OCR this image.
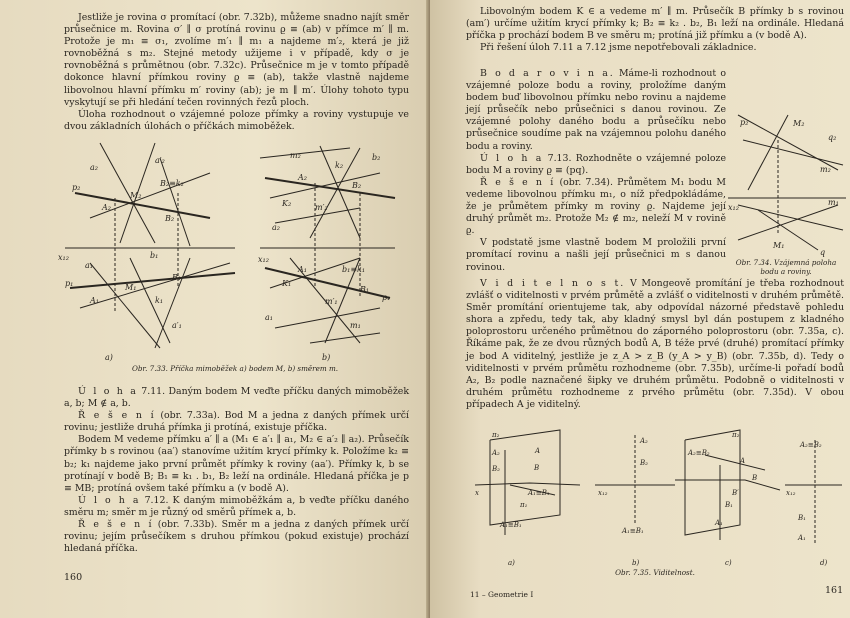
Jestliže je rovina σ promítací (obr. 7.32b), můžeme snadno najít směr průsečnice m. Rovina σ′ ∥ σ protíná rovinu ϱ ≡ (ab) v přímce m′ ∥ m. Protože je m₁ ≡ σ₁, zvolíme m′₁ ∥ m₁ a najdeme m′₂, která je již rovnoběžná s m₂. Stejné metody užijeme i v případě, kdy σ je rovnoběžná s průmětnou (obr. 7.32c). Průsečnice m je v tomto případě dokonce hlavní přímkou roviny ϱ ≡ (ab), takže vlastně najdeme libovolnou hlavní přímku m′ roviny (ab); je m ∥ m′. Úlohy tohoto typu vyskytují se při hledání tečen rovinných řezů ploch.

Úloha rozhodnout o vzájemné poloze přímky a roviny vystupuje ve dvou základních úlohách o příčkách mimoběžek.

a₂
a′₂
p₂
A₂
M₂
B₂≡k₂
B₂
x₁₂	b₁
a₁
p₁
A₁
M₁
k₁
B₁
a′₁
m₂
k₂
b₂
A₂
B₂
K₂	m′₂
a₂
x₁₂
A₁	b₁≡k₁
K₁
B₁
p₁
m′₁
a₁
m₁
a)	b)
Obr. 7.33. Příčka mimoběžek a) bodem M, b) směrem m.

Ú l o h a 7.11. Daným bodem M veďte příčku daných mimoběžek a, b; M ∉ a, b.

Ř e š e n í (obr. 7.33a). Bod M a jedna z daných přímek určí rovinu; jestliže druhá přímka ji protíná, existuje příčka.

Bodem M vedeme přímku a′ ∥ a (M₁ ∈ a′₁ ∥ a₁, M₂ ∈ a′₂ ∥ a₂). Průsečík přímky b s rovinou (aa′) stanovíme užitím krycí přímky k. Položíme k₂ ≡ b₂; k₁ najdeme jako první průmět přímky k roviny (aa′). Přímky k, b se protínají v bodě B; B₁ ≡ k₁ . b₁, B₂ leží na ordinále. Hledaná příčka je p ≡ MB; protíná ovšem také přímku a (v bodě A).

Ú l o h a 7.12. K daným mimoběžkám a, b veďte příčku daného směru m; směr m je různý od směrů přímek a, b.

Ř e š e n í (obr. 7.33b). Směr m a jedna z daných přímek určí rovinu; jejím průsečíkem s druhou přímkou (pokud existuje) prochází hledaná příčka.

160

Libovolným bodem K ∈ a vedeme m′ ∥ m. Průsečík B přímky b s rovinou (am′) určíme užitím krycí přímky k; B₂ ≡ k₂ . b₂, B₁ leží na ordinále. Hledaná příčka p prochází bodem B ve směru m; protíná již přímku a (v bodě A).

Při řešení úloh 7.11 a 7.12 jsme nepotřebovali základnice.

B o d a r o v i n a. Máme-li rozhodnout o vzájemné poloze bodu a roviny, proložíme daným bodem buď libovolnou přímku nebo rovinu a najdeme její průsečík nebo průsečnici s danou rovinou. Ze vzájemné polohy daného bodu a průsečíku nebo průsečnice soudíme pak na vzájemnou polohu daného bodu a roviny.

Ú l o h a 7.13. Rozhodněte o vzájemné poloze bodu M a roviny ϱ ≡ (pq).

Ř e š e n í (obr. 7.34). Průmětem M₁ bodu M vedeme libovolnou přímku m₁, o níž předpokládáme, že je průmětem přímky m roviny ϱ. Najdeme její druhý průmět m₂. Protože M₂ ∉ m₂, neleží M v rovině ϱ.

V podstatě jsme vlastně bodem M proložili první promítací rovinu a našli její průsečnici m s danou rovinou.

p₂	M₂
q₂
m₂
x₁₂
m₁
M₁
q
Obr. 7.34. Vzájemná poloha bodu a roviny.

V i d i t e l n o s t. V Mongeově promítání je třeba rozhodnout zvlášť o viditelnosti v prvém průmětě a zvlášť o viditelnosti v druhém průmětě. Směr promítání orientujeme tak, aby odpovídal názorné představě pohledu shora a zpředu, tedy tak, aby kladný smysl byl dán postupem z kladného poloprostoru určeného průmětnou do záporného poloprostoru (obr. 7.35a, c). Říkáme pak, že ze dvou různých bodů A, B téže prvé (druhé) promítací přímky je bod A viditelný, jestliže je z_A > z_B (y_A > y_B) (obr. 7.35b, d). Tedy o viditelnosti v prvém průmětu rozhodneme (obr. 7.35b), určíme-li pořadí bodů A₂, B₂ podle naznačené šipky ve druhém průmětu. Podobně o viditelnosti v druhém průmětu rozhodneme z prvého průmětu (obr. 7.35d). V obou případech A je viditelný.

π₂
A₂
B₂
A
B
A₁≡B₁
A₁≡B₁
π₁
x
A₂
B₂
x₁₂
A₁≡B₁
A₂≡B₂
π₂
A
B
B₁
A₁
B′
A₂≡B₂
x₁₂
B₁
A₁
a)	b)	c)	d)
Obr. 7.35. Viditelnost.
11 – Geometrie I	161
